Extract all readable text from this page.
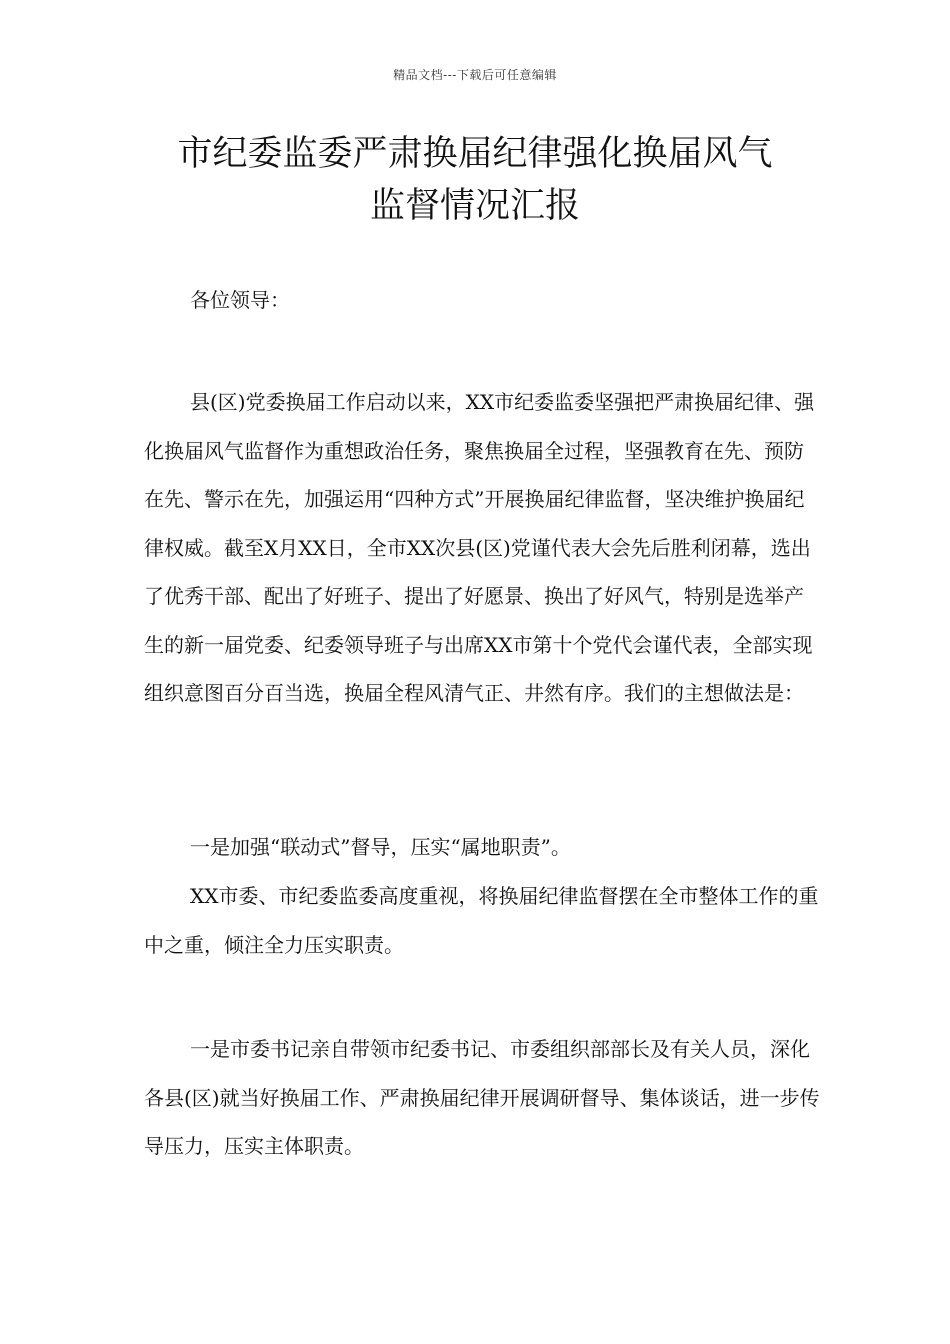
精品文档---下载后可任意编辑
市纪委监委严肃换届纪律强化换届风气
监督情况汇报

各位领导：

县(区)党委换届工作启动以来，XX市纪委监委坚强把严肃换届纪律、强化换届风气监督作为重想政治任务，聚焦换届全过程，坚强教育在先、预防在先、警示在先，加强运用“四种方式”开展换届纪律监督，坚决维护换届纪律权威。截至X月XX日，全市XX次县(区)党谨代表大会先后胜利闭幕，选出了优秀干部、配出了好班子、提出了好愿景、换出了好风气，特别是选举产生的新一届党委、纪委领导班子与出席XX市第十个党代会谨代表，全部实现组织意图百分百当选，换届全程风清气正、井然有序。我们的主想做法是：

一是加强“联动式”督导，压实“属地职责”。

XX市委、市纪委监委高度重视，将换届纪律监督摆在全市整体工作的重中之重，倾注全力压实职责。

一是市委书记亲自带领市纪委书记、市委组织部部长及有关人员，深化各县(区)就当好换届工作、严肃换届纪律开展调研督导、集体谈话，进一步传导压力，压实主体职责。
